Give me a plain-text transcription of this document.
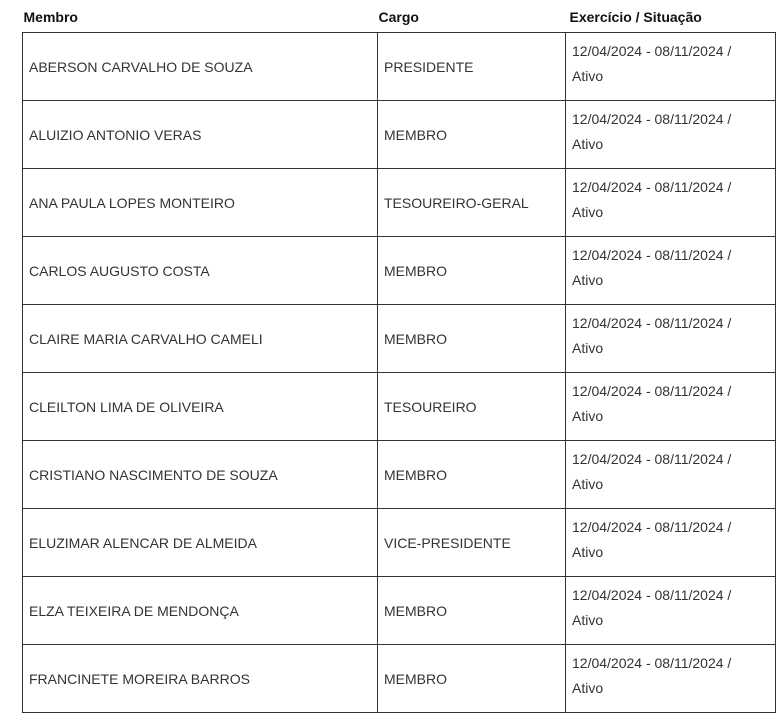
Membro	Cargo	Exercício / Situação
ABERSON CARVALHO DE SOUZA	PRESIDENTE	12/04/2024 - 08/11/2024 /
Ativo

ALUIZIO ANTONIO VERAS	MEMBRO	12/04/2024 - 08/11/2024 /
Ativo

ANA PAULA LOPES MONTEIRO	TESOUREIRO-GERAL	12/04/2024 - 08/11/2024 /
Ativo

CARLOS AUGUSTO COSTA	MEMBRO	12/04/2024 - 08/11/2024 /
Ativo

CLAIRE MARIA CARVALHO CAMELI	MEMBRO	12/04/2024 - 08/11/2024 /
Ativo

CLEILTON LIMA DE OLIVEIRA	TESOUREIRO	12/04/2024 - 08/11/2024 /
Ativo

CRISTIANO NASCIMENTO DE SOUZA	MEMBRO	12/04/2024 - 08/11/2024 /
Ativo

ELUZIMAR ALENCAR DE ALMEIDA	VICE-PRESIDENTE	12/04/2024 - 08/11/2024 /
Ativo

ELZA TEIXEIRA DE MENDONÇA	MEMBRO	12/04/2024 - 08/11/2024 /
Ativo

FRANCINETE MOREIRA BARROS	MEMBRO	12/04/2024 - 08/11/2024 /
Ativo
